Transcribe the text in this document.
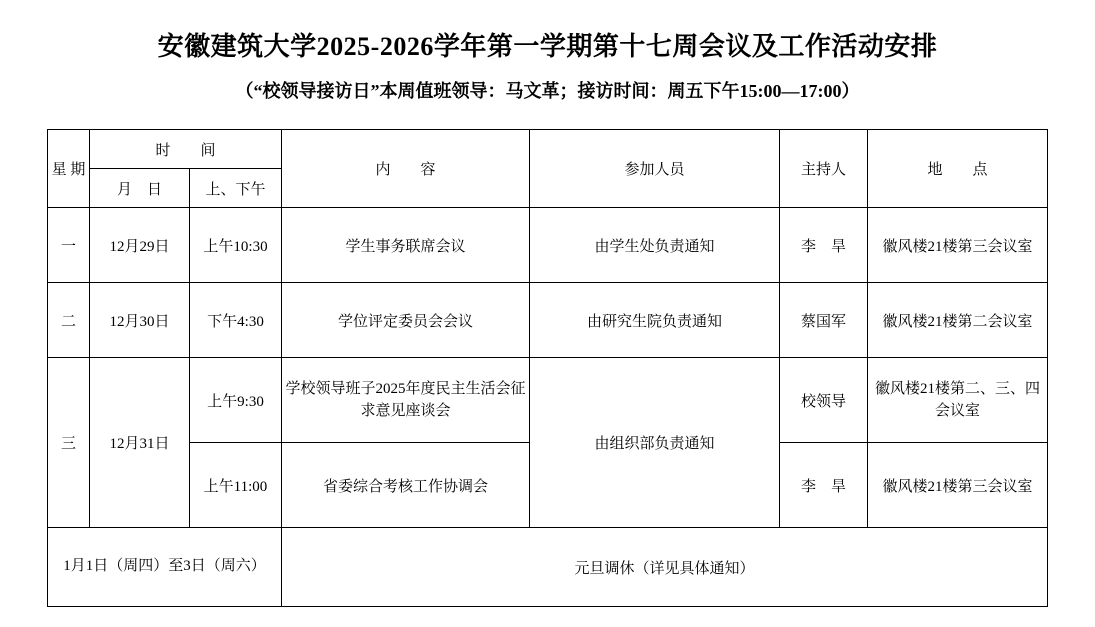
安徽建筑大学2025-2026学年第一学期第十七周会议及工作活动安排
（“校领导接访日”本周值班领导：马文革；接访时间：周五下午15:00—17:00）
星 期	时　　间		内　　容	参加人员	主持人	地　　点
	月　日	上、下午				
一	12月29日	上午10:30	学生事务联席会议	由学生处负责通知	李　旱	徽风楼21楼第三会议室
二	12月30日	下午4:30	学位评定委员会会议	由研究生院负责通知	蔡国军	徽风楼21楼第二会议室
三	12月31日	上午9:30	学校领导班子2025年度民主生活会征求意见座谈会	由组织部负责通知	校领导	徽风楼21楼第二、三、四会议室
		上午11:00	省委综合考核工作协调会		李　旱	徽风楼21楼第三会议室
1月1日（周四）至3日（周六）			元旦调休（详见具体通知）			
